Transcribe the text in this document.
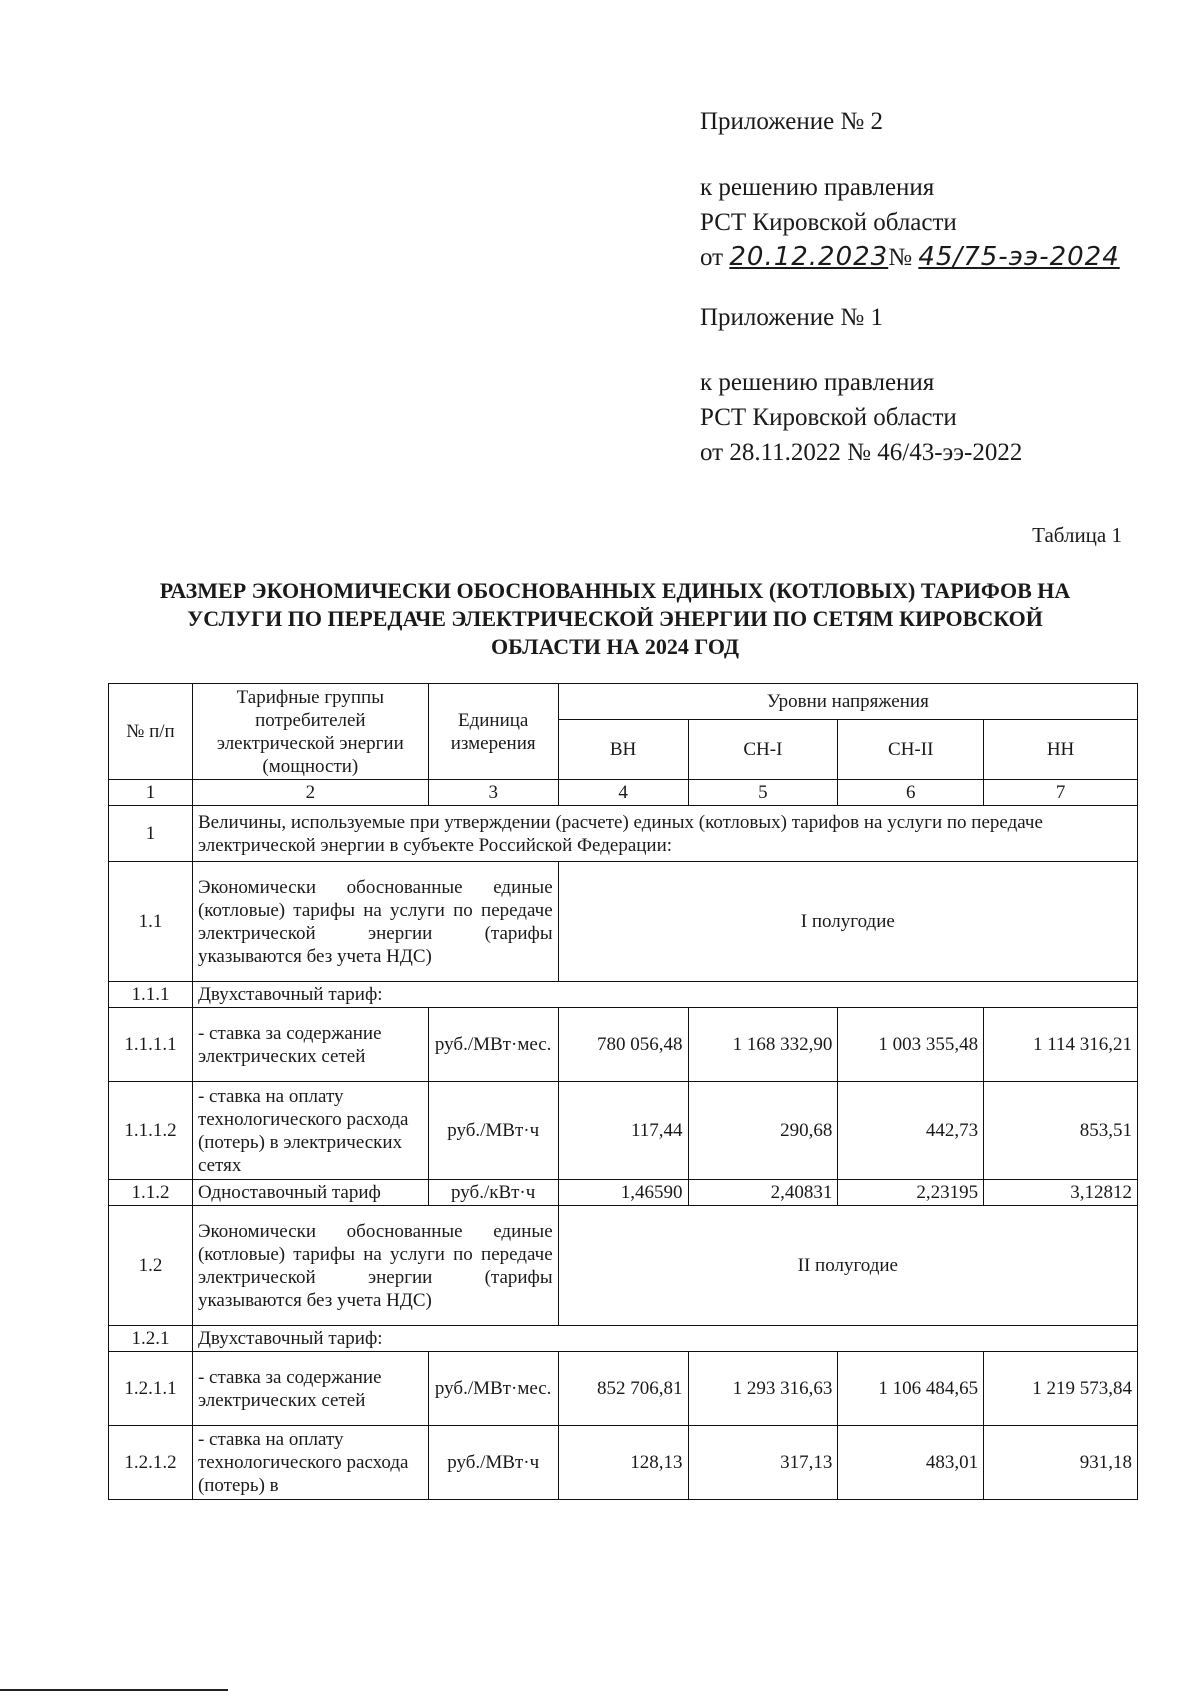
Приложение № 2
к решению правления
РСТ Кировской области
от 20.12.2023№ 45/75-ээ-2024
Приложение № 1
к решению правления
РСТ Кировской области
от 28.11.2022 № 46/43-ээ-2022
Таблица 1
РАЗМЕР ЭКОНОМИЧЕСКИ ОБОСНОВАННЫХ ЕДИНЫХ (КОТЛОВЫХ) ТАРИФОВ НА
УСЛУГИ ПО ПЕРЕДАЧЕ ЭЛЕКТРИЧЕСКОЙ ЭНЕРГИИ ПО СЕТЯМ КИРОВСКОЙ
ОБЛАСТИ НА 2024 ГОД
№ п/п	Тарифные группы потребителей электрической энергии (мощности)	Единица измерения	Уровни напряжения			
			ВН	СН-I	СН-II	НН
1	2	3	4	5	6	7
1	Величины, используемые при утверждении (расчете) единых (котловых) тарифов на услуги по передаче электрической энергии в субъекте Российской Федерации:					
1.1	Экономически обоснованные единые (котловые) тарифы на услуги по передаче электрической энергии (тарифы указываются без учета НДС)		I полугодие			
1.1.1	Двухставочный тариф:					
1.1.1.1	- ставка за содержание электрических сетей	руб./МВт·мес.	780 056,48	1 168 332,90	1 003 355,48	1 114 316,21
1.1.1.2	- ставка на оплату технологического расхода (потерь) в электрических сетях	руб./МВт·ч	117,44	290,68	442,73	853,51
1.1.2	Одноставочный тариф	руб./кВт·ч	1,46590	2,40831	2,23195	3,12812
1.2	Экономически обоснованные единые (котловые) тарифы на услуги по передаче электрической энергии (тарифы указываются без учета НДС)		II полугодие			
1.2.1	Двухставочный тариф:					
1.2.1.1	- ставка за содержание электрических сетей	руб./МВт·мес.	852 706,81	1 293 316,63	1 106 484,65	1 219 573,84
1.2.1.2	- ставка на оплату технологического расхода (потерь) в	руб./МВт·ч	128,13	317,13	483,01	931,18
